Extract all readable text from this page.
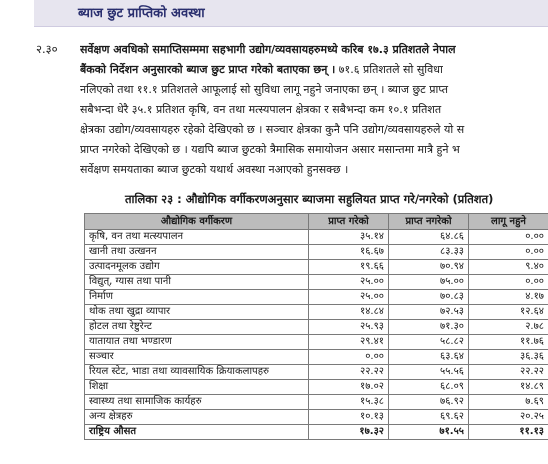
ब्याज छुट प्राप्तिको अवस्था
२.३० सर्वेक्षण अवधिको समाप्तिसम्ममा सहभागी उद्योग/व्यवसायहरुमध्ये करिब १७.३ प्रतिशतले नेपाल
बैंकको निर्देशन अनुसारको ब्याज छुट प्राप्त गरेको बताएका छन् । ७१.६ प्रतिशतले सो सुविधा
नलिएको तथा ११.१ प्रतिशतले आफूलाई सो सुविधा लागू नहुने जनाएका छन् । ब्याज छुट प्राप्त
सबैभन्दा धेरै ३५.१ प्रतिशत कृषि, वन तथा मत्स्यपालन क्षेत्रका र सबैभन्दा कम १०.१ प्रतिशत
क्षेत्रका उद्योग/व्यवसायहरु रहेको देखिएको छ । सञ्चार क्षेत्रका कुनै पनि उद्योग/व्यवसायहरुले यो स
प्राप्त नगरेको देखिएको छ । यद्यपि ब्याज छुटको त्रैमासिक समायोजन असार मसान्तमा मात्रै हुने भ
सर्वेक्षण समयताका ब्याज छुटको यथार्थ अवस्था नआएको हुनसक्छ ।
तालिका २३ : औद्योगिक वर्गीकरणअनुसार ब्याजमा सहुलियत प्राप्त गरे/नगरेको (प्रतिशत)
औद्योगिक वर्गीकरण	प्राप्त गरेको	प्राप्त नगरेको	लागू नहुने
कृषि, वन तथा मत्स्यपालन	३५.१४	६४.८६	०.००
खानी तथा उत्खनन	१६.६७	८३.३३	०.००
उत्पादनमूलक उद्योग	१९.६६	७०.९४	९.४०
विद्युत्, ग्यास तथा पानी	२५.००	७५.००	०.००
निर्माण	२५.००	७०.८३	४.१७
थोक तथा खुद्रा व्यापार	१४.८४	७२.५३	१२.६४
होटल तथा रेष्टुरेन्ट	२५.९३	७१.३०	२.७८
यातायात तथा भण्डारण	२९.४१	५८.८२	११.७६
सञ्चार	०.००	६३.६४	३६.३६
रियल स्टेट, भाडा तथा व्यावसायिक क्रियाकलापहरु	२२.२२	५५.५६	२२.२२
शिक्षा	१७.०२	६८.०९	१४.८९
स्वास्थ्य तथा सामाजिक कार्यहरु	१५.३८	७६.९२	७.६९
अन्य क्षेत्रहरु	१०.१३	६९.६२	२०.२५
राष्ट्रिय औसत	१७.३२	७१.५५	११.१३
